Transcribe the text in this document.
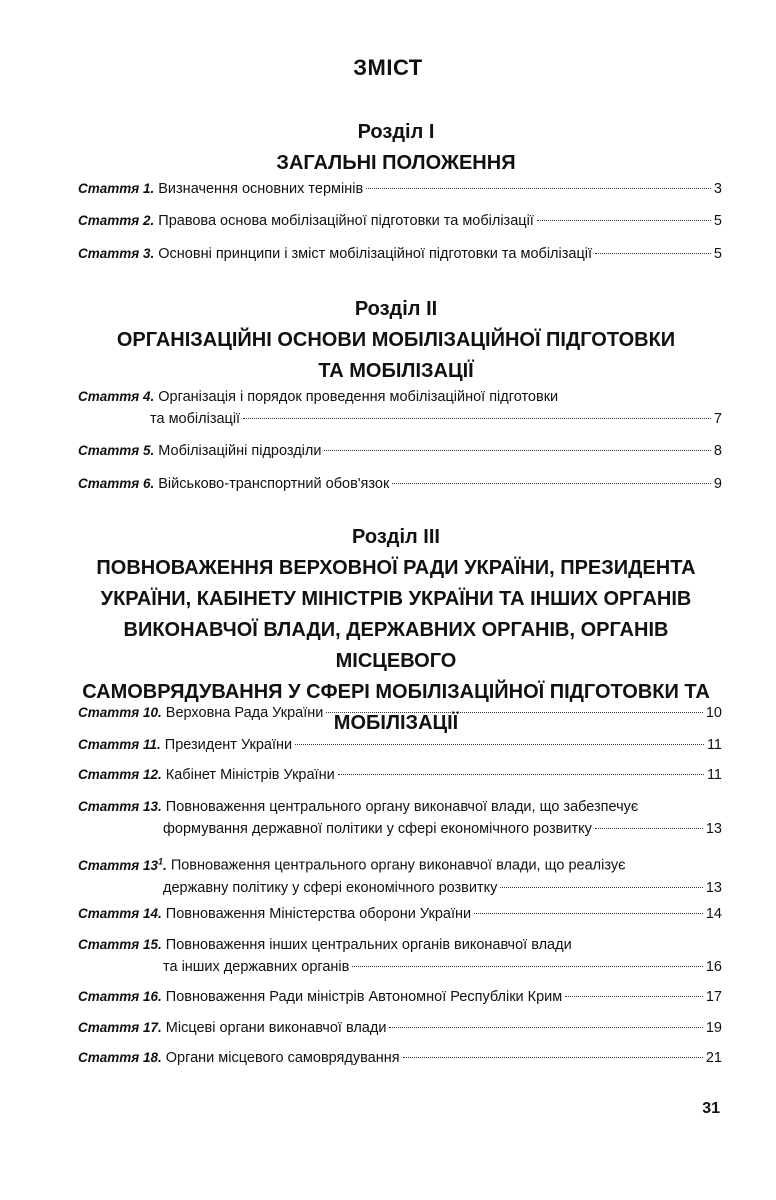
ЗМІСТ
Розділ I
ЗАГАЛЬНІ ПОЛОЖЕННЯ
Стаття 1. Визначення основних термінів	3
Стаття 2. Правова основа мобілізаційної підготовки та мобілізації	5
Стаття 3. Основні принципи і зміст мобілізаційної підготовки та мобілізації	5
Розділ II
ОРГАНІЗАЦІЙНІ ОСНОВИ МОБІЛІЗАЦІЙНОЇ ПІДГОТОВКИ
ТА МОБІЛІЗАЦІЇ
Стаття 4. Організація і порядок проведення мобілізаційної підготовки
та мобілізації	7
Стаття 5. Мобілізаційні підрозділи	8
Стаття 6. Військово-транспортний обов'язок	9
Розділ III
ПОВНОВАЖЕННЯ ВЕРХОВНОЇ РАДИ УКРАЇНИ, ПРЕЗИДЕНТА
УКРАЇНИ, КАБІНЕТУ МІНІСТРІВ УКРАЇНИ ТА ІНШИХ ОРГАНІВ
ВИКОНАВЧОЇ ВЛАДИ, ДЕРЖАВНИХ ОРГАНІВ, ОРГАНІВ МІСЦЕВОГО
САМОВРЯДУВАННЯ У СФЕРІ МОБІЛІЗАЦІЙНОЇ ПІДГОТОВКИ ТА
МОБІЛІЗАЦІЇ
Стаття 10. Верховна Рада України	10
Стаття 11. Президент України	11
Стаття 12. Кабінет Міністрів України	11
Стаття 13. Повноваження центрального органу виконавчої влади, що забезпечує
формування державної політики у сфері економічного розвитку	13
Стаття $13^1$. Повноваження центрального органу виконавчої влади, що реалізує
державну політику у сфері економічного розвитку	13
Стаття 14. Повноваження Міністерства оборони України	14
Стаття 15. Повноваження інших центральних органів виконавчої влади
та інших державних органів	16
Стаття 16. Повноваження Ради міністрів Автономної Республіки Крим	17
Стаття 17. Місцеві органи виконавчої влади	19
Стаття 18. Органи місцевого самоврядування	21
31
